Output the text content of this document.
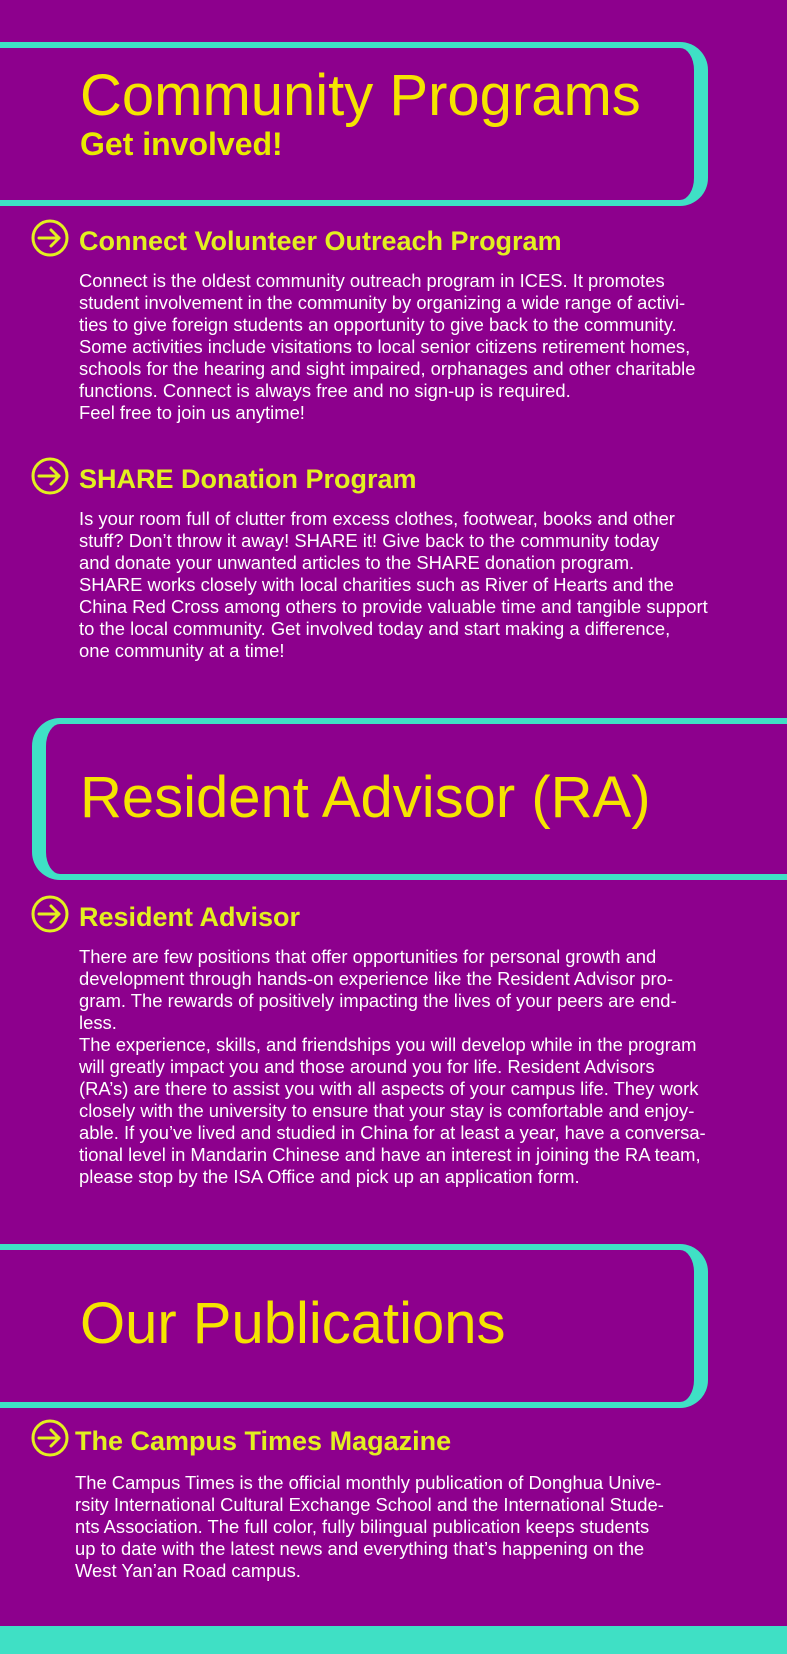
Community Programs
Get involved!
Connect Volunteer Outreach Program

Connect is the oldest community outreach program in ICES. It promotes

student involvement in the community by organizing a wide range of activi-

ties to give foreign students an opportunity to give back to the community.

Some activities include visitations to local senior citizens retirement homes,

schools for the hearing and sight impaired, orphanages and other charitable

functions. Connect is always free and no sign-up is required.

Feel free to join us anytime!

SHARE Donation Program

Is your room full of clutter from excess clothes, footwear, books and other

stuff? Don’t throw it away! SHARE it! Give back to the community today

and donate your unwanted articles to the SHARE donation program.

SHARE works closely with local charities such as River of Hearts and the

China Red Cross among others to provide valuable time and tangible support

to the local community. Get involved today and start making a difference,

one community at a time!

Resident Advisor (RA)
Resident Advisor

There are few positions that offer opportunities for personal growth and

development through hands-on experience like the Resident Advisor pro-

gram. The rewards of positively impacting the lives of your peers are end-

less.

The experience, skills, and friendships you will develop while in the program

will greatly impact you and those around you for life. Resident Advisors

(RA’s) are there to assist you with all aspects of your campus life. They work

closely with the university to ensure that your stay is comfortable and enjoy-

able. If you’ve lived and studied in China for at least a year, have a conversa-

tional level in Mandarin Chinese and have an interest in joining the RA team,

please stop by the ISA Office and pick up an application form.

Our Publications
The Campus Times Magazine

The Campus Times is the official monthly publication of Donghua Unive-

rsity International Cultural Exchange School and the International Stude-

nts Association. The full color, fully bilingual publication keeps students

up to date with the latest news and everything that’s happening on the

West Yan’an Road campus.
